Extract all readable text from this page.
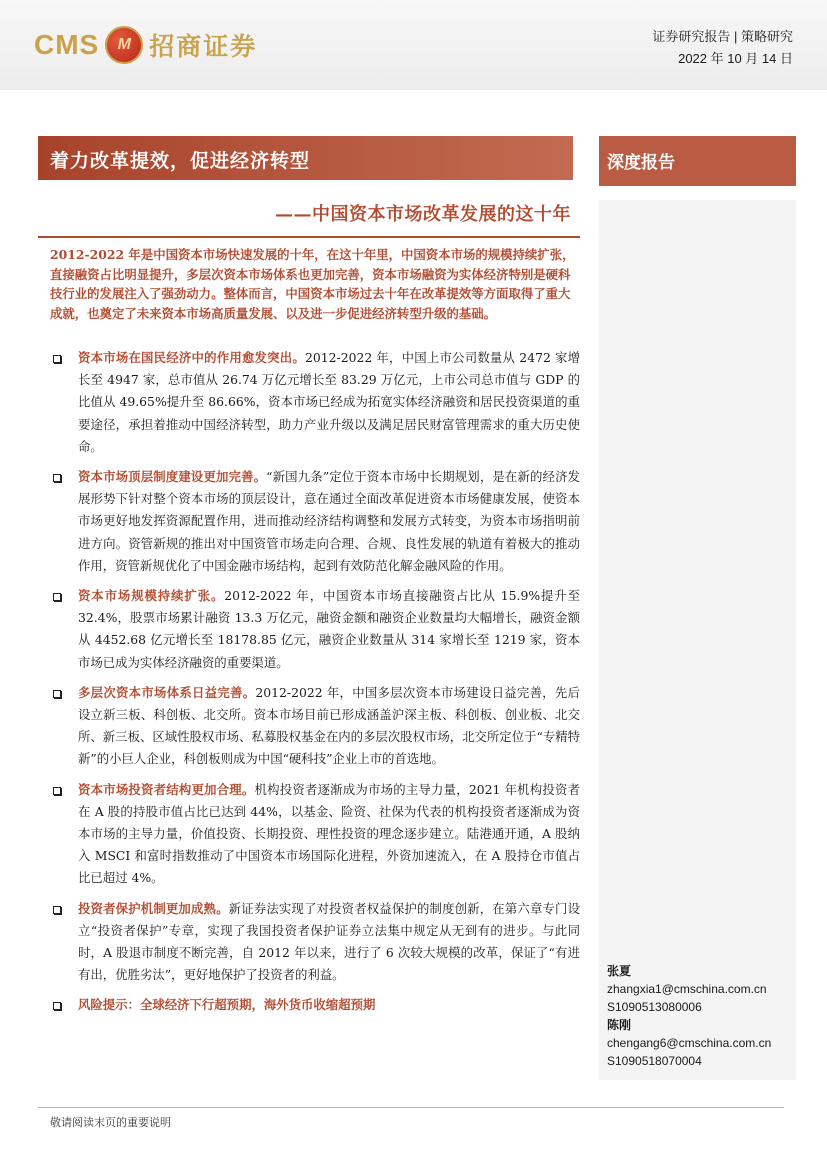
CMS
M 招商证券	证券研究报告 | 策略研究
2022 年 10 月 14 日
着力改革提效，促进经济转型	深度报告
——中国资本市场改革发展的这十年
2012-2022 年是中国资本市场快速发展的十年，在这十年里，中国资本市场的规模持续扩张，直接融资占比明显提升，多层次资本市场体系也更加完善，资本市场融资为实体经济特别是硬科技行业的发展注入了强劲动力。整体而言，中国资本市场过去十年在改革提效等方面取得了重大成就，也奠定了未来资本市场高质量发展、以及进一步促进经济转型升级的基础。
资本市场在国民经济中的作用愈发突出。2012-2022 年，中国上市公司数量从 2472 家增长至 4947 家，总市值从 26.74 万亿元增长至 83.29 万亿元，上市公司总市值与 GDP 的比值从 49.65%提升至 86.66%，资本市场已经成为拓宽实体经济融资和居民投资渠道的重要途径，承担着推动中国经济转型，助力产业升级以及满足居民财富管理需求的重大历史使命。
资本市场顶层制度建设更加完善。“新国九条”定位于资本市场中长期规划，是在新的经济发展形势下针对整个资本市场的顶层设计，意在通过全面改革促进资本市场健康发展，使资本市场更好地发挥资源配置作用，进而推动经济结构调整和发展方式转变，为资本市场指明前进方向。资管新规的推出对中国资管市场走向合理、合规、良性发展的轨道有着极大的推动作用，资管新规优化了中国金融市场结构，起到有效防范化解金融风险的作用。
资本市场规模持续扩张。2012-2022 年，中国资本市场直接融资占比从 15.9%提升至 32.4%，股票市场累计融资 13.3 万亿元，融资金额和融资企业数量均大幅增长，融资金额从 4452.68 亿元增长至 18178.85 亿元，融资企业数量从 314 家增长至 1219 家，资本市场已成为实体经济融资的重要渠道。
多层次资本市场体系日益完善。2012-2022 年，中国多层次资本市场建设日益完善，先后设立新三板、科创板、北交所。资本市场目前已形成涵盖沪深主板、科创板、创业板、北交所、新三板、区域性股权市场、私募股权基金在内的多层次股权市场，北交所定位于“专精特新”的小巨人企业，科创板则成为中国“硬科技”企业上市的首选地。
资本市场投资者结构更加合理。机构投资者逐渐成为市场的主导力量，2021 年机构投资者在 A 股的持股市值占比已达到 44%，以基金、险资、社保为代表的机构投资者逐渐成为资本市场的主导力量，价值投资、长期投资、理性投资的理念逐步建立。陆港通开通，A 股纳入 MSCI 和富时指数推动了中国资本市场国际化进程，外资加速流入，在 A 股持仓市值占比已超过 4%。
投资者保护机制更加成熟。新证券法实现了对投资者权益保护的制度创新，在第六章专门设立“投资者保护”专章，实现了我国投资者保护证券立法集中规定从无到有的进步。与此同时，A 股退市制度不断完善，自 2012 年以来，进行了 6 次较大规模的改革，保证了“有进有出，优胜劣汰”，更好地保护了投资者的利益。
风险提示：全球经济下行超预期，海外货币收缩超预期
张夏
zhangxia1@cmschina.com.cn
S1090513080006
陈刚
chengang6@cmschina.com.cn
S1090518070004
敬请阅读末页的重要说明
